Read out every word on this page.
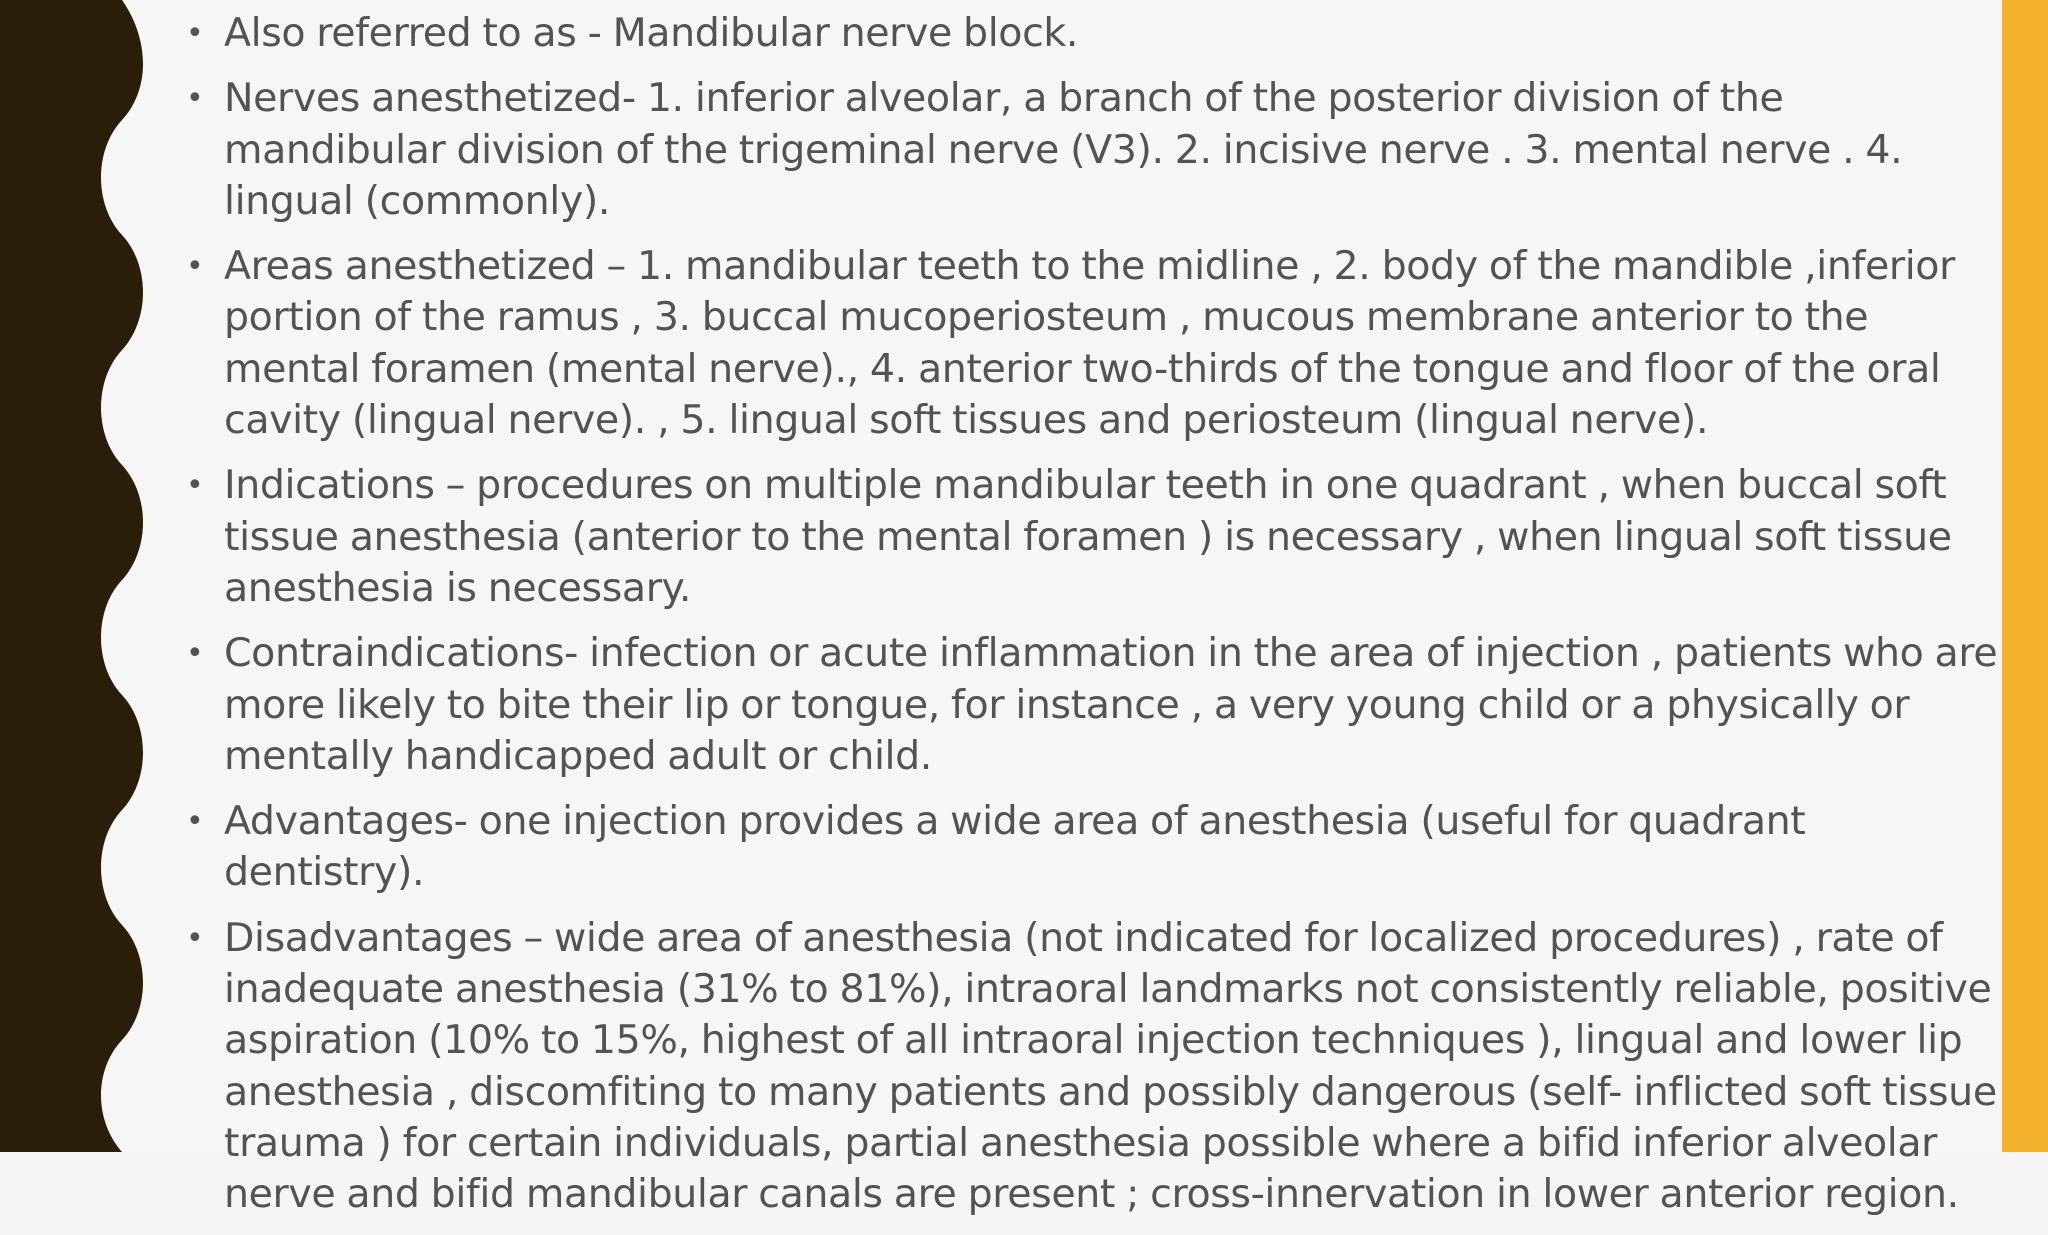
• Also referred to as - Mandibular nerve block.
• Nerves anesthetized- 1. inferior alveolar, a branch of the posterior division of the mandibular division of the trigeminal nerve (V3). 2. incisive nerve . 3. mental nerve . 4. lingual (commonly).
• Areas anesthetized – 1. mandibular teeth to the midline , 2. body of the mandible ,inferior portion of the ramus , 3. buccal mucoperiosteum , mucous membrane anterior to the mental foramen (mental nerve)., 4. anterior two-thirds of the tongue and floor of the oral cavity (lingual nerve). , 5. lingual soft tissues and periosteum (lingual nerve).
• Indications – procedures on multiple mandibular teeth in one quadrant , when buccal soft tissue anesthesia (anterior to the mental foramen ) is necessary , when lingual soft tissue anesthesia is necessary.
• Contraindications- infection or acute inflammation in the area of injection , patients who are more likely to bite their lip or tongue, for instance , a very young child or a physically or mentally handicapped adult or child.
• Advantages- one injection provides a wide area of anesthesia (useful for quadrant dentistry).
• Disadvantages – wide area of anesthesia (not indicated for localized procedures) , rate of inadequate anesthesia (31% to 81%), intraoral landmarks not consistently reliable, positive aspiration (10% to 15%, highest of all intraoral injection techniques ), lingual and lower lip anesthesia , discomfiting to many patients and possibly dangerous (self- inflicted soft tissue trauma ) for certain individuals, partial anesthesia possible where a bifid inferior alveolar nerve and bifid mandibular canals are present ; cross-innervation in lower anterior region.
